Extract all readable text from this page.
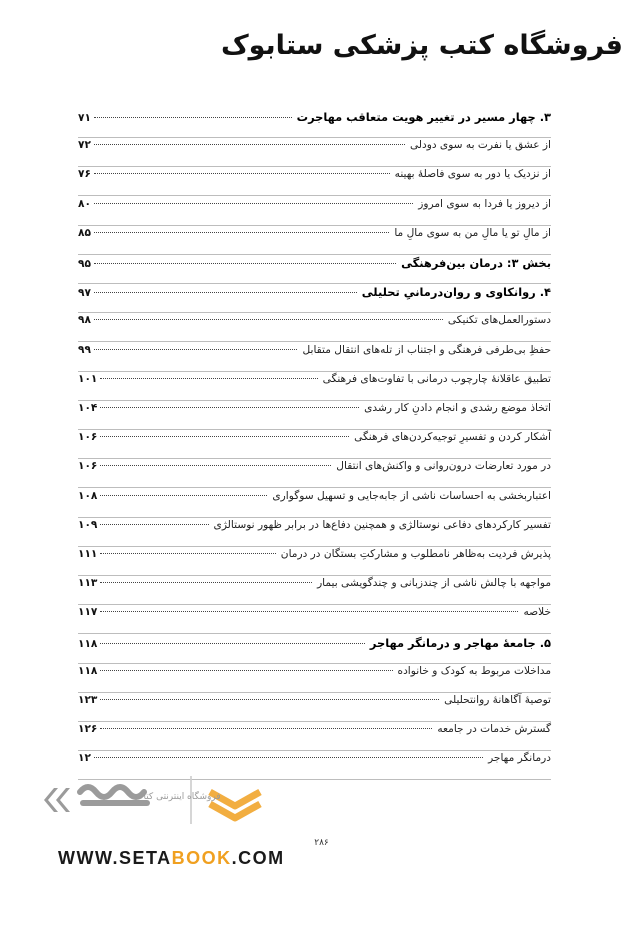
فروشگاه کتب پزشکی ستابوک
۳. چهار مسیر در تغییر هویت متعاقب مهاجرت
۷۱
از عشق یا نفرت به سوی دودلی
۷۲
از نزدیک یا دور به سوی فاصلهٔ بهینه
۷۶
از دیروز یا فردا به سوی امروز
۸۰
از مالِ تو یا مالِ من به سوی مالِ ما
۸۵
بخش ۳: درمان بین‌فرهنگی
۹۵
۴. روانکاوی و روان‌درمانیِ تحلیلی
۹۷
دستورالعمل‌های تکنیکی
۹۸
حفظِ بی‌طرفی فرهنگی و اجتناب از تله‌های انتقال متقابل
۹۹
تطبیق عاقلانهٔ چارچوب درمانی با تفاوت‌های فرهنگی
۱۰۱
اتخاذ موضع رشدی و انجام دادنِ کار رشدی
۱۰۴
آشکار کردن و تفسیرِ توجیه‌کردن‌های فرهنگی
۱۰۶
در مورد تعارضات درون‌روانی و واکنش‌های انتقال
۱۰۶
اعتباربخشی به احساسات ناشی از جابه‌جایی و تسهیل سوگواری
۱۰۸
تفسیر کارکردهای دفاعی نوستالژی و همچنین دفاع‌ها در برابر ظهور نوستالژی
۱۰۹
پذیرش فردیت به‌ظاهر نامطلوب و مشارکتِ بستگان در درمان
۱۱۱
مواجهه با چالش ناشی از چندزبانی و چندگویشی بیمار
۱۱۳
خلاصه
۱۱۷
۵. جامعهٔ مهاجر و درمانگر مهاجر
۱۱۸
مداخلات مربوط به کودک و خانواده
۱۱۸
توصیهٔ آگاهانهٔ روانتحلیلی
۱۲۳
گسترش خدمات در جامعه
۱۲۶
درمانگر مهاجر
۱۲
۲۸۶
فروشگاه اینترنتی کتاب
WWW.SETABOOK.COM
